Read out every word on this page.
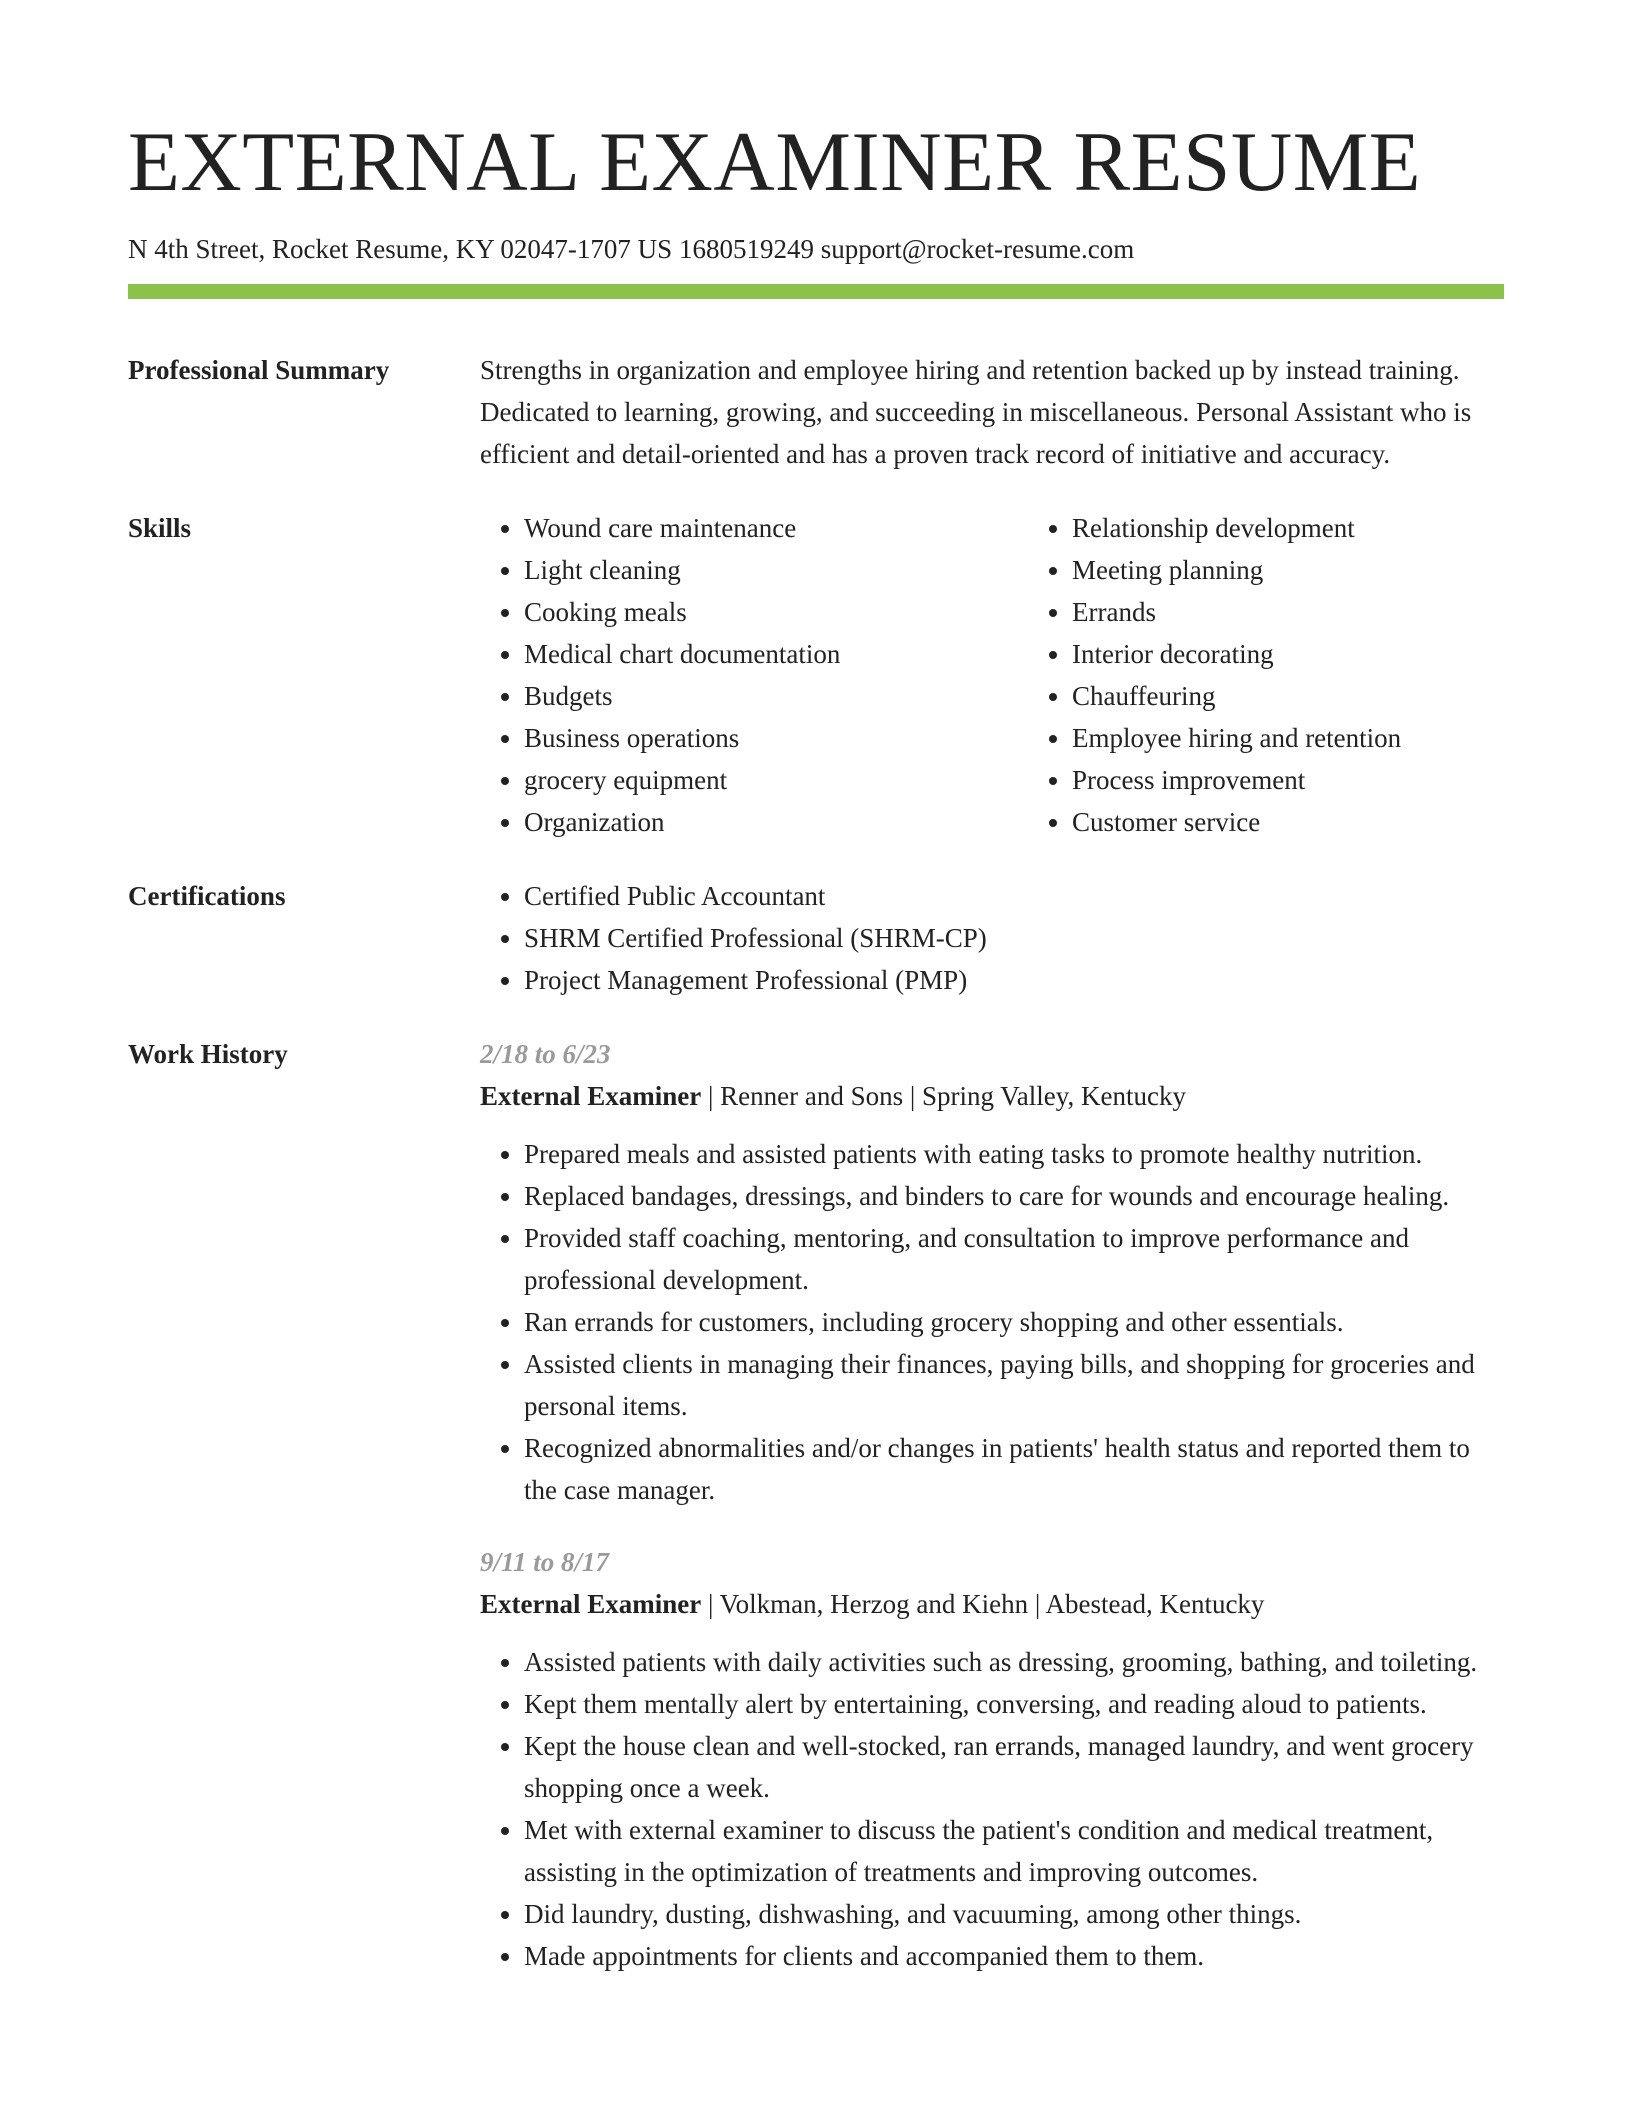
EXTERNAL EXAMINER RESUME
N 4th Street, Rocket Resume, KY 02047-1707 US 1680519249 support@rocket-resume.com
Professional Summary	Strengths in organization and employee hiring and retention backed up by instead training. Dedicated to learning, growing, and succeeding in miscellaneous. Personal Assistant who is efficient and detail-oriented and has a proven track record of initiative and accuracy.
Skills	• Wound care maintenance
• Light cleaning
• Cooking meals
• Medical chart documentation
• Budgets
• Business operations
• grocery equipment
• Organization
• Relationship development
• Meeting planning
• Errands
• Interior decorating
• Chauffeuring
• Employee hiring and retention
• Process improvement
• Customer service
Certifications	• Certified Public Accountant
• SHRM Certified Professional (SHRM-CP)
• Project Management Professional (PMP)
Work History	2/18 to 6/23
External Examiner | Renner and Sons | Spring Valley, Kentucky
• Prepared meals and assisted patients with eating tasks to promote healthy nutrition.
• Replaced bandages, dressings, and binders to care for wounds and encourage healing.
• Provided staff coaching, mentoring, and consultation to improve performance and professional development.
• Ran errands for customers, including grocery shopping and other essentials.
• Assisted clients in managing their finances, paying bills, and shopping for groceries and personal items.
• Recognized abnormalities and/or changes in patients' health status and reported them to the case manager.
9/11 to 8/17
External Examiner | Volkman, Herzog and Kiehn | Abestead, Kentucky
• Assisted patients with daily activities such as dressing, grooming, bathing, and toileting.
• Kept them mentally alert by entertaining, conversing, and reading aloud to patients.
• Kept the house clean and well-stocked, ran errands, managed laundry, and went grocery shopping once a week.
• Met with external examiner to discuss the patient's condition and medical treatment, assisting in the optimization of treatments and improving outcomes.
• Did laundry, dusting, dishwashing, and vacuuming, among other things.
• Made appointments for clients and accompanied them to them.
